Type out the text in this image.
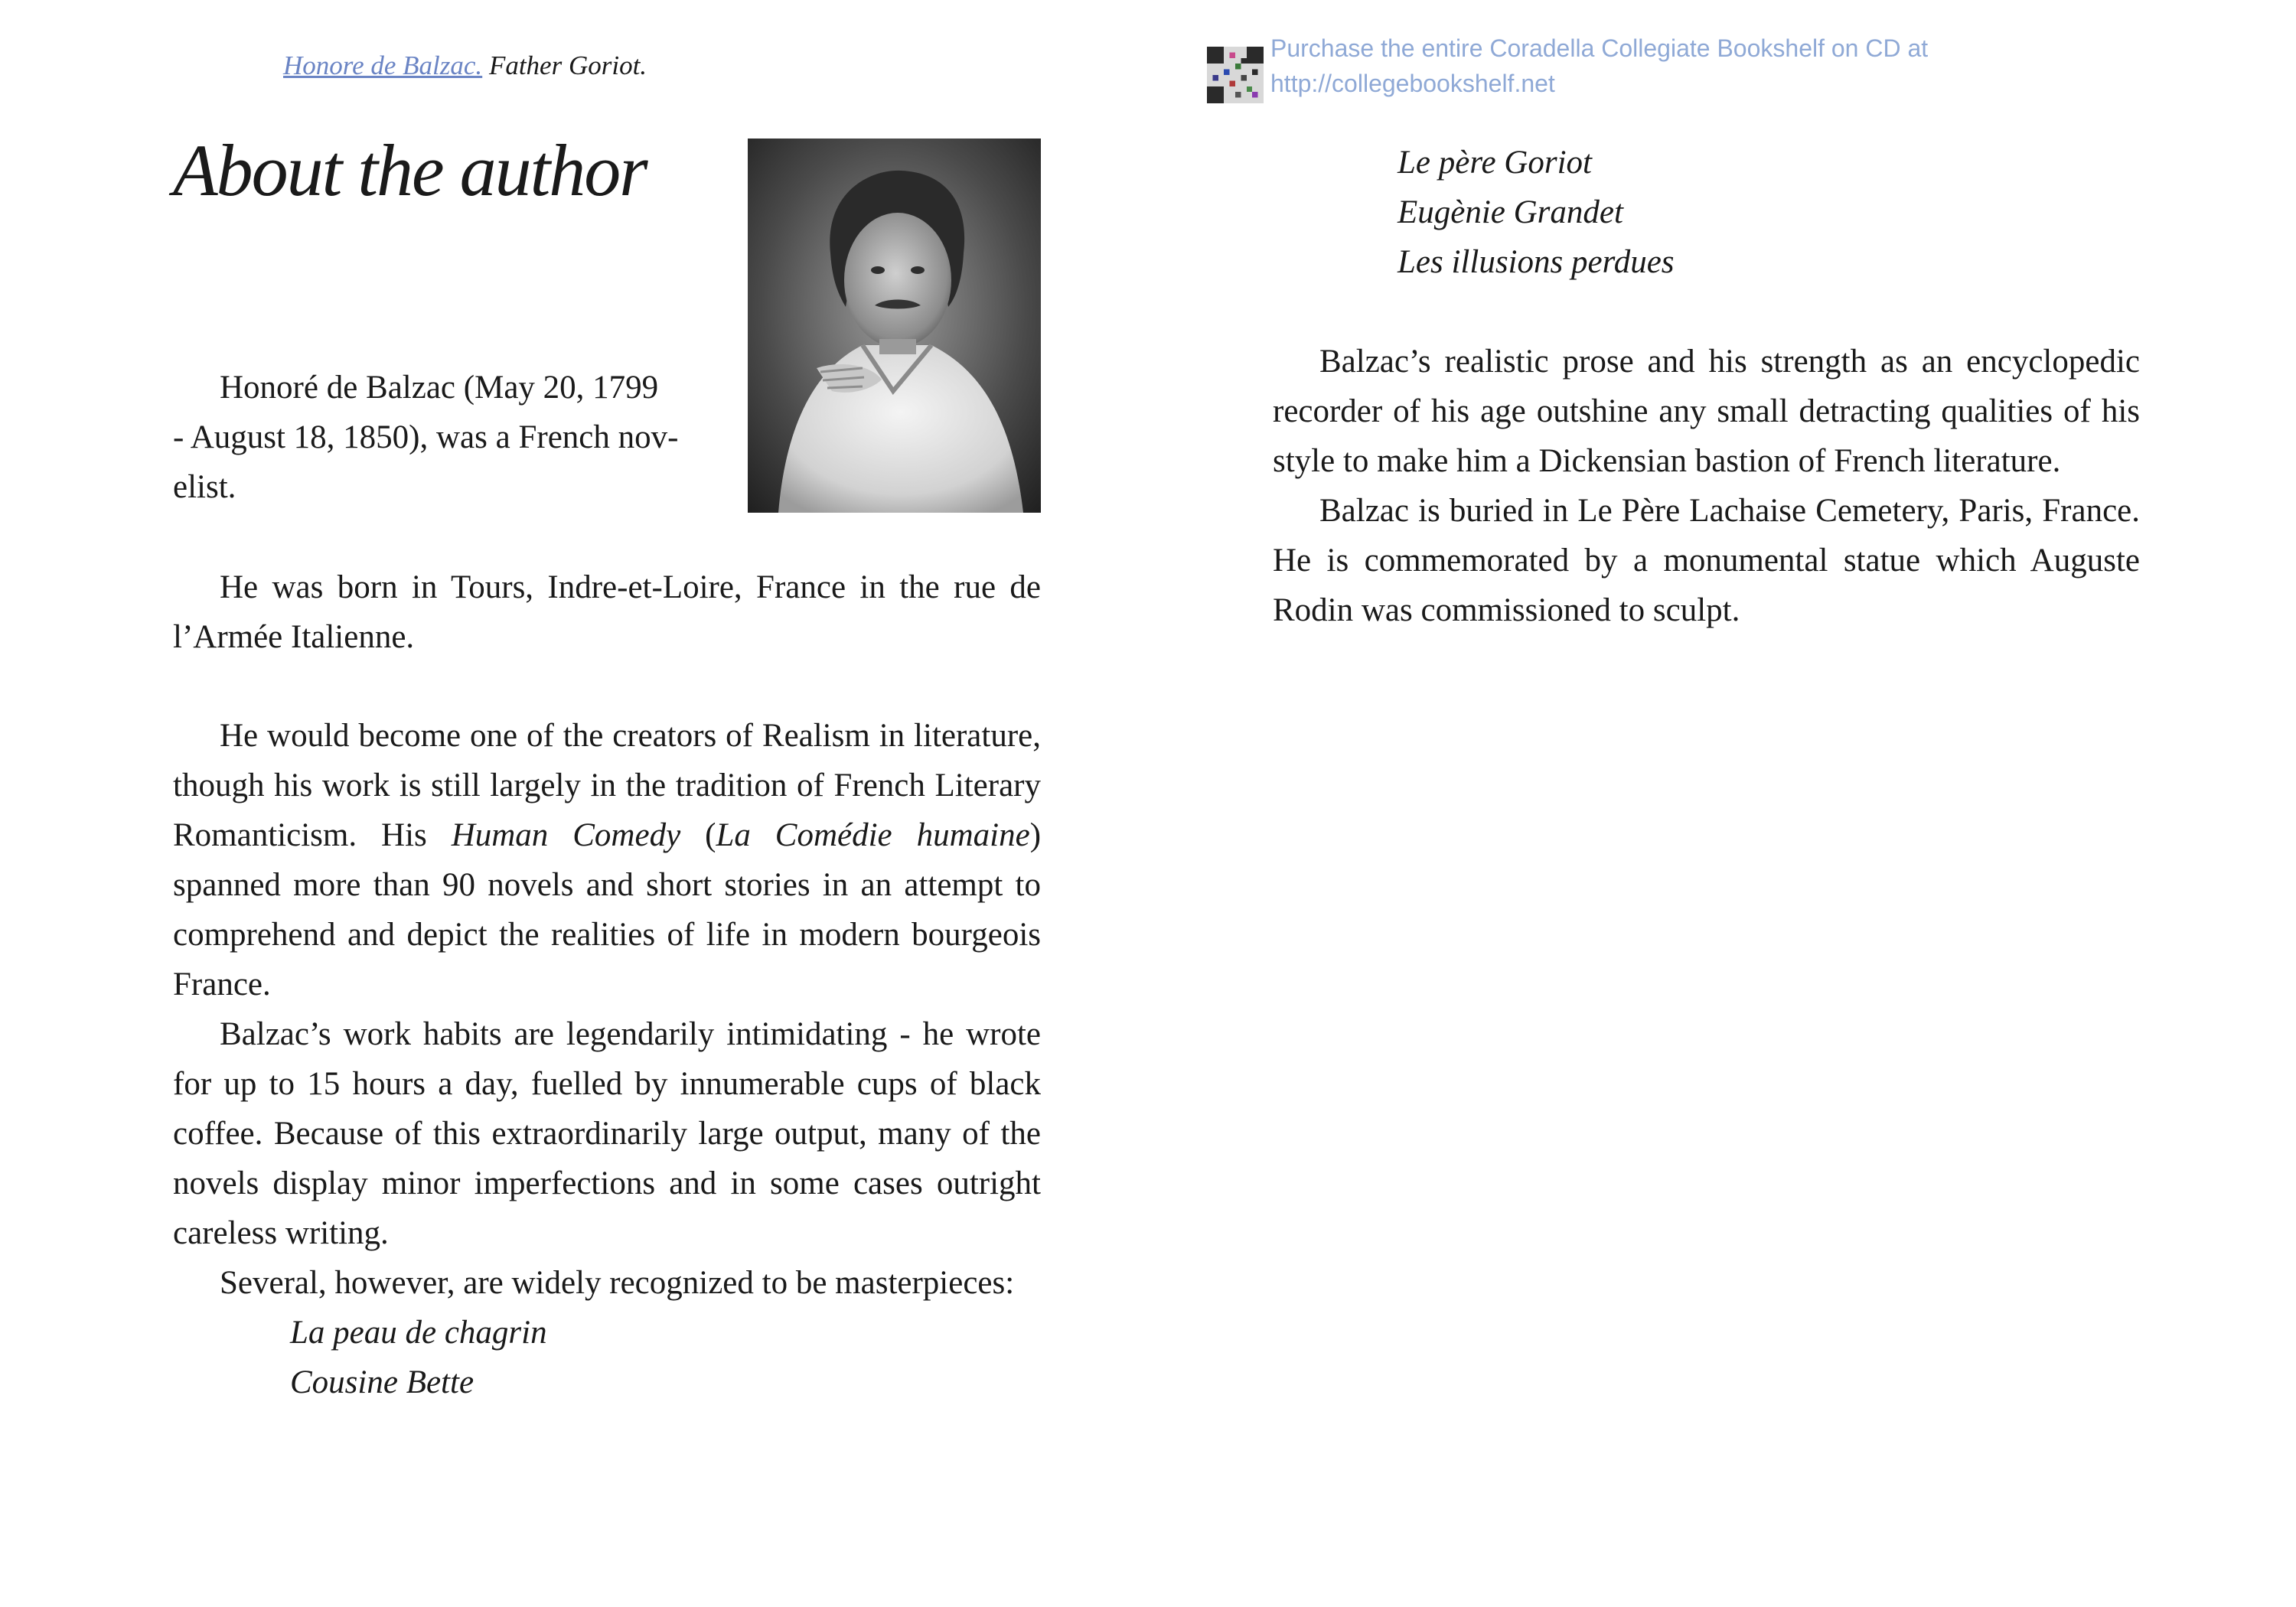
Honore de Balzac. Father Goriot.
About the author

Honoré de Balzac (May 20, 1799
- August 18, 1850), was a French nov-
elist.

He was born in Tours, Indre-et-Loire, France in the rue de l’Armée Italienne.

He would become one of the creators of Realism in literature, though his work is still largely in the tradition of French Literary Romanticism. His Human Comedy (La Comédie humaine) spanned more than 90 novels and short stories in an attempt to comprehend and depict the realities of life in modern bourgeois France.

Balzac’s work habits are legendarily intimidating - he wrote for up to 15 hours a day, fuelled by innumerable cups of black coffee. Because of this extraordinarily large output, many of the novels display minor imperfections and in some cases outright careless writing.

Several, however, are widely recognized to be masterpieces:

La peau de chagrin
Cousine Bette
Purchase the entire Coradella Collegiate Bookshelf on CD at
http://collegebookshelf.net
Le père Goriot
Eugènie Grandet
Les illusions perdues

Balzac’s realistic prose and his strength as an encyclopedic recorder of his age outshine any small detracting qualities of his style to make him a Dickensian bastion of French literature.

Balzac is buried in Le Père Lachaise Cemetery, Paris, France. He is commemorated by a monumental statue which Auguste Rodin was commissioned to sculpt.
